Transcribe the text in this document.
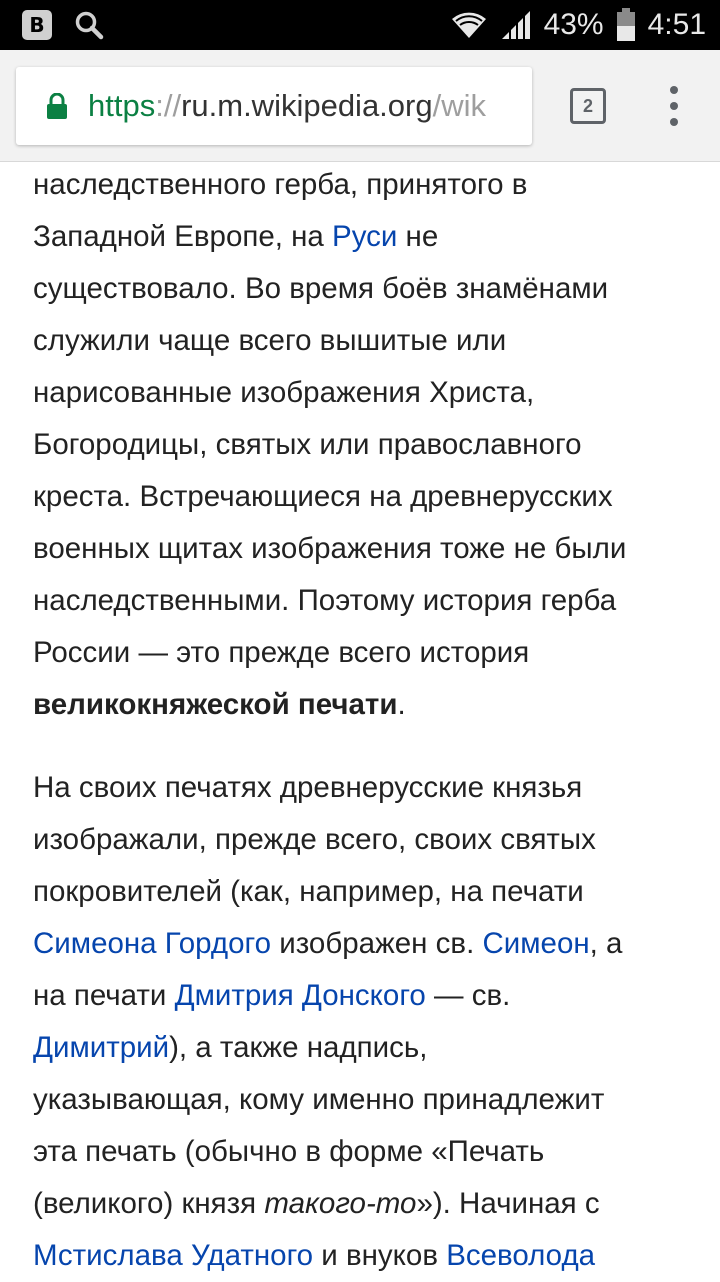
B	43% 4:51
https://ru.m.wikipedia.org/wik	2
наследственного герба, принятого в
Западной Европе, на Руси не
существовало. Во время боёв знамёнами
служили чаще всего вышитые или
нарисованные изображения Христа,
Богородицы, святых или православного
креста. Встречающиеся на древнерусских
военных щитах изображения тоже не были
наследственными. Поэтому история герба
России — это прежде всего история
великокняжеской печати.
На своих печатях древнерусские князья
изображали, прежде всего, своих святых
покровителей (как, например, на печати
Симеона Гордого изображен св. Симеон, а
на печати Дмитрия Донского — св.
Димитрий), а также надпись,
указывающая, кому именно принадлежит
эта печать (обычно в форме «Печать
(великого) князя такого-то»). Начиная с
Мстислава Удатного и внуков Всеволода
